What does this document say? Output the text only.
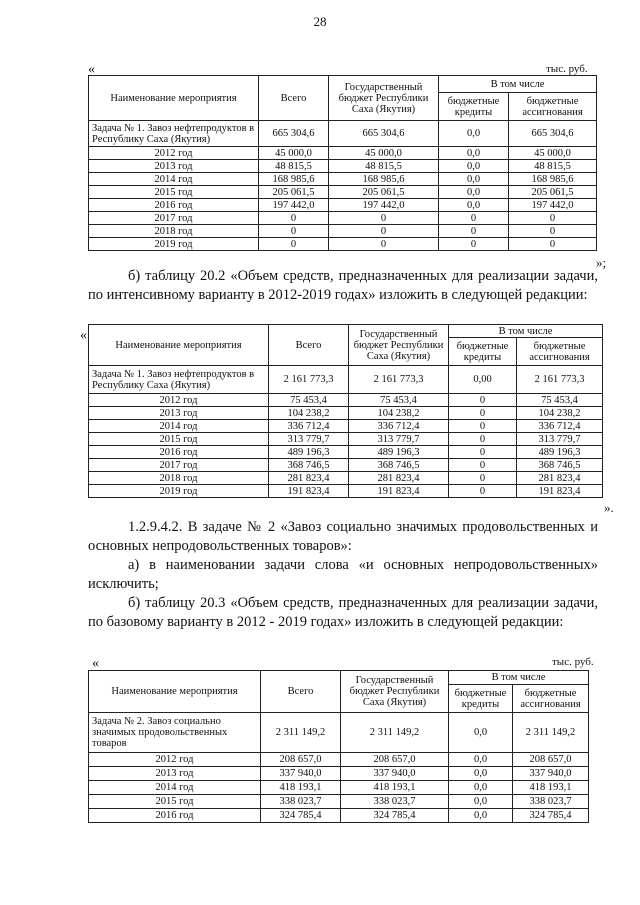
28
«	тыс. руб.
Наименование мероприятия	Всего	Государственный бюджет Республики Саха (Якутия)	В том числе	
			бюджетные кредиты	бюджетные ассигнования
Задача № 1. Завоз нефтепродуктов в Республику Саха (Якутия)	665 304,6	665 304,6	0,0	665 304,6
2012 год	45 000,0	45 000,0	0,0	45 000,0
2013 год	48 815,5	48 815,5	0,0	48 815,5
2014 год	168 985,6	168 985,6	0,0	168 985,6
2015 год	205 061,5	205 061,5	0,0	205 061,5
2016 год	197 442,0	197 442,0	0,0	197 442,0
2017 год	0	0	0	0
2018 год	0	0	0	0
2019 год	0	0	0	0
»;
б) таблицу 20.2 «Объем средств, предназначенных для реализации задачи, по интенсивному варианту в 2012-2019 годах» изложить в следующей редакции:
«
Наименование мероприятия	Всего	Государственный бюджет Республики Саха (Якутия)	В том числе	
			бюджетные кредиты	бюджетные ассигнования
Задача № 1. Завоз нефтепродуктов в Республику Саха (Якутия)	2 161 773,3	2 161 773,3	0,00	2 161 773,3
2012 год	75 453,4	75 453,4	0	75 453,4
2013 год	104 238,2	104 238,2	0	104 238,2
2014 год	336 712,4	336 712,4	0	336 712,4
2015 год	313 779,7	313 779,7	0	313 779,7
2016 год	489 196,3	489 196,3	0	489 196,3
2017 год	368 746,5	368 746,5	0	368 746,5
2018 год	281 823,4	281 823,4	0	281 823,4
2019 год	191 823,4	191 823,4	0	191 823,4
».
1.2.9.4.2. В задаче № 2 «Завоз социально значимых продовольственных и основных непродовольственных товаров»:
а) в наименовании задачи слова «и основных непродовольственных» исключить;
б) таблицу 20.3 «Объем средств, предназначенных для реализации задачи, по базовому варианту в 2012 - 2019 годах» изложить в следующей редакции:
«	тыс. руб.
Наименование мероприятия	Всего	Государственный бюджет Республики Саха (Якутия)	В том числе	
			бюджетные кредиты	бюджетные ассигнования
Задача № 2. Завоз социально значимых продовольственных товаров	2 311 149,2	2 311 149,2	0,0	2 311 149,2
2012 год	208 657,0	208 657,0	0,0	208 657,0
2013 год	337 940,0	337 940,0	0,0	337 940,0
2014 год	418 193,1	418 193,1	0,0	418 193,1
2015 год	338 023,7	338 023,7	0,0	338 023,7
2016 год	324 785,4	324 785,4	0,0	324 785,4
